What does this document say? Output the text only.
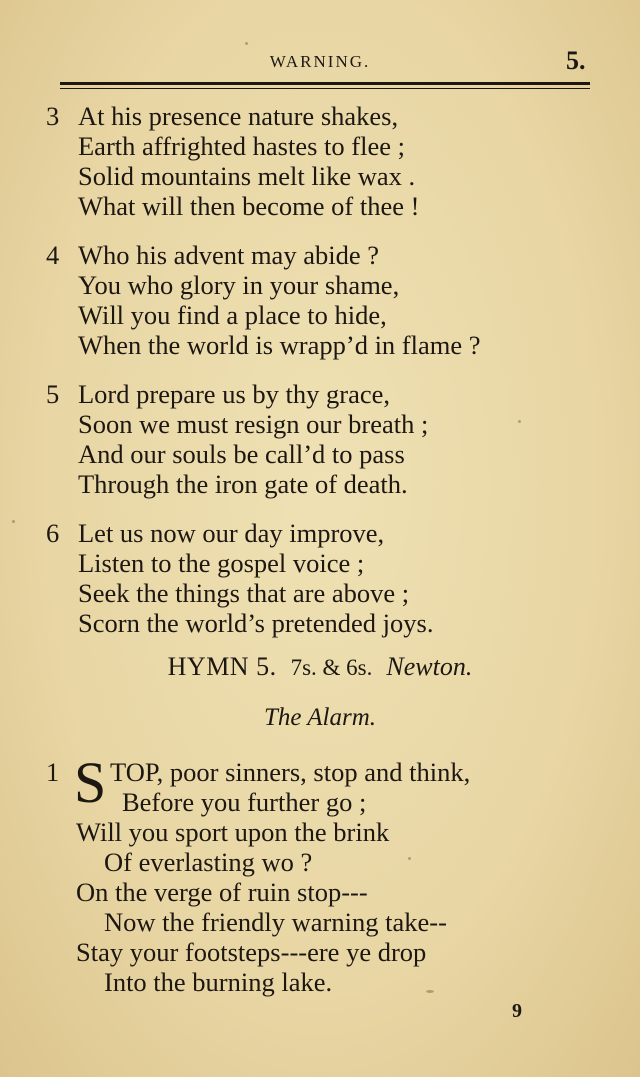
WARNING.	5.
3 At his presence nature shakes,
Earth affrighted hastes to flee ;
Solid mountains melt like wax .
What will then become of thee !
4 Who his advent may abide ?
You who glory in your shame,
Will you find a place to hide,
When the world is wrapp’d in flame ?
5 Lord prepare us by thy grace,
Soon we must resign our breath ;
And our souls be call’d to pass
Through the iron gate of death.
6 Let us now our day improve,
Listen to the gospel voice ;
Seek the things that are above ;
Scorn the world’s pretended joys.
HYMN 5. 7s. & 6s. Newton.
The Alarm.
1 S TOP, poor sinners, stop and think,
Before you further go ;
Will you sport upon the brink
Of everlasting wo ?
On the verge of ruin stop---
Now the friendly warning take--
Stay your footsteps---ere ye drop
Into the burning lake.
9
